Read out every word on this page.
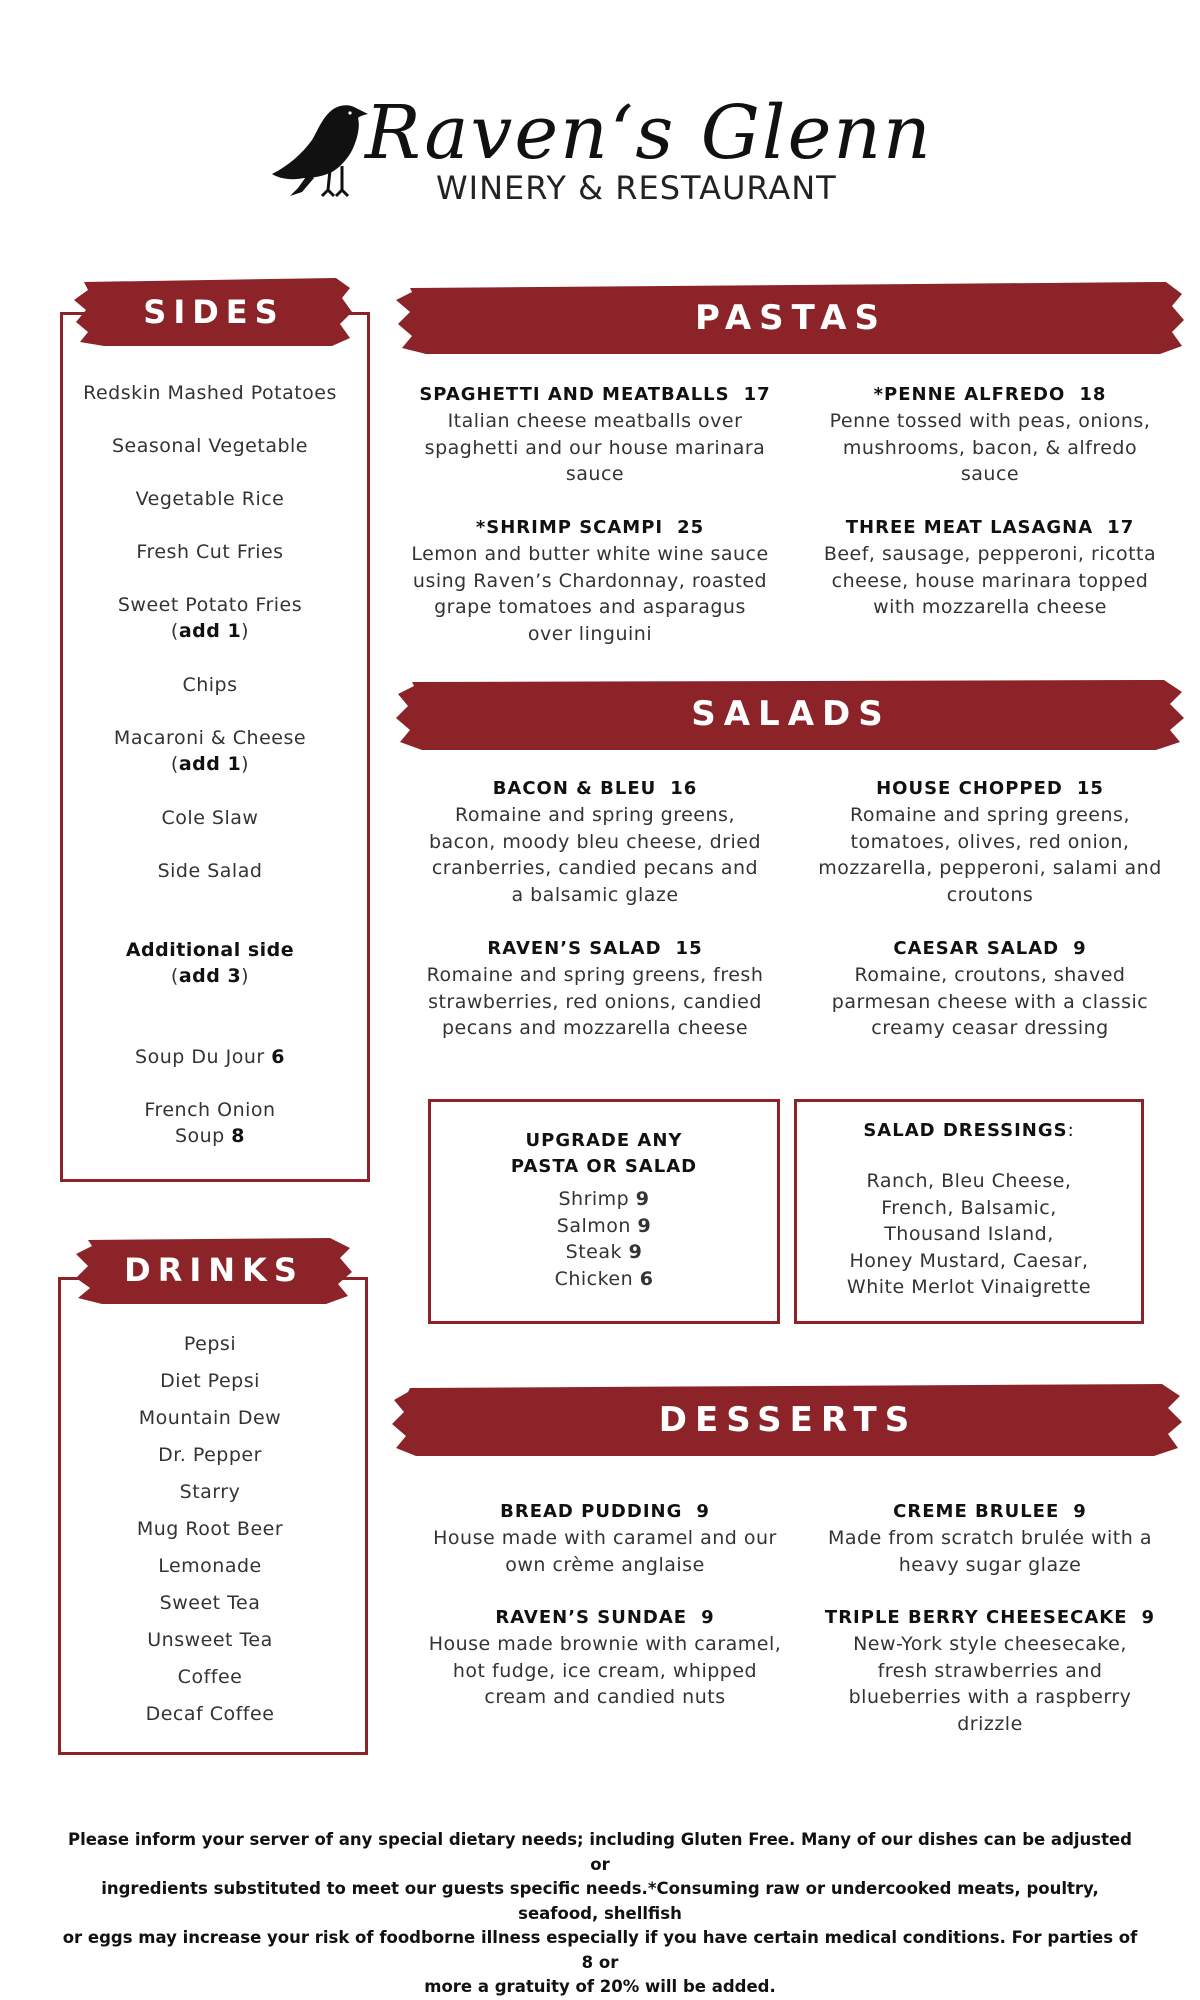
Raven‘s Glenn
WINERY & RESTAURANT
SIDES
Redskin Mashed Potatoes
Seasonal Vegetable
Vegetable Rice
Fresh Cut Fries
Sweet Potato Fries
(add 1)
Chips
Macaroni & Cheese
(add 1)
Cole Slaw
Side Salad
Additional side
(add 3)
Soup Du Jour 6
French Onion
Soup 8
DRINKS
Pepsi
Diet Pepsi
Mountain Dew
Dr. Pepper
Starry
Mug Root Beer
Lemonade
Sweet Tea
Unsweet Tea
Coffee
Decaf Coffee
PASTAS
SPAGHETTI AND MEATBALLS 17
Italian cheese meatballs over
spaghetti and our house marinara
sauce
*PENNE ALFREDO 18
Penne tossed with peas, onions,
mushrooms, bacon, & alfredo
sauce
*SHRIMP SCAMPI 25
Lemon and butter white wine sauce
using Raven’s Chardonnay, roasted
grape tomatoes and asparagus
over linguini
THREE MEAT LASAGNA 17
Beef, sausage, pepperoni, ricotta
cheese, house marinara topped
with mozzarella cheese
SALADS
BACON & BLEU 16
Romaine and spring greens,
bacon, moody bleu cheese, dried
cranberries, candied pecans and
a balsamic glaze
HOUSE CHOPPED 15
Romaine and spring greens,
tomatoes, olives, red onion,
mozzarella, pepperoni, salami and
croutons
RAVEN’S SALAD 15
Romaine and spring greens, fresh
strawberries, red onions, candied
pecans and mozzarella cheese
CAESAR SALAD 9
Romaine, croutons, shaved
parmesan cheese with a classic
creamy ceasar dressing
UPGRADE ANY
PASTA OR SALAD
Shrimp 9
Salmon 9
Steak 9
Chicken 6
SALAD DRESSINGS:
Ranch, Bleu Cheese,
French, Balsamic,
Thousand Island,
Honey Mustard, Caesar,
White Merlot Vinaigrette
DESSERTS
BREAD PUDDING 9
House made with caramel and our
own crème anglaise
CREME BRULEE 9
Made from scratch brulée with a
heavy sugar glaze
RAVEN’S SUNDAE 9
House made brownie with caramel,
hot fudge, ice cream, whipped
cream and candied nuts
TRIPLE BERRY CHEESECAKE 9
New-York style cheesecake,
fresh strawberries and
blueberries with a raspberry
drizzle
Please inform your server of any special dietary needs; including Gluten Free. Many of our dishes can be adjusted or
ingredients substituted to meet our guests specific needs.*Consuming raw or undercooked meats, poultry, seafood, shellfish
or eggs may increase your risk of foodborne illness especially if you have certain medical conditions. For parties of 8 or
more a gratuity of 20% will be added.
